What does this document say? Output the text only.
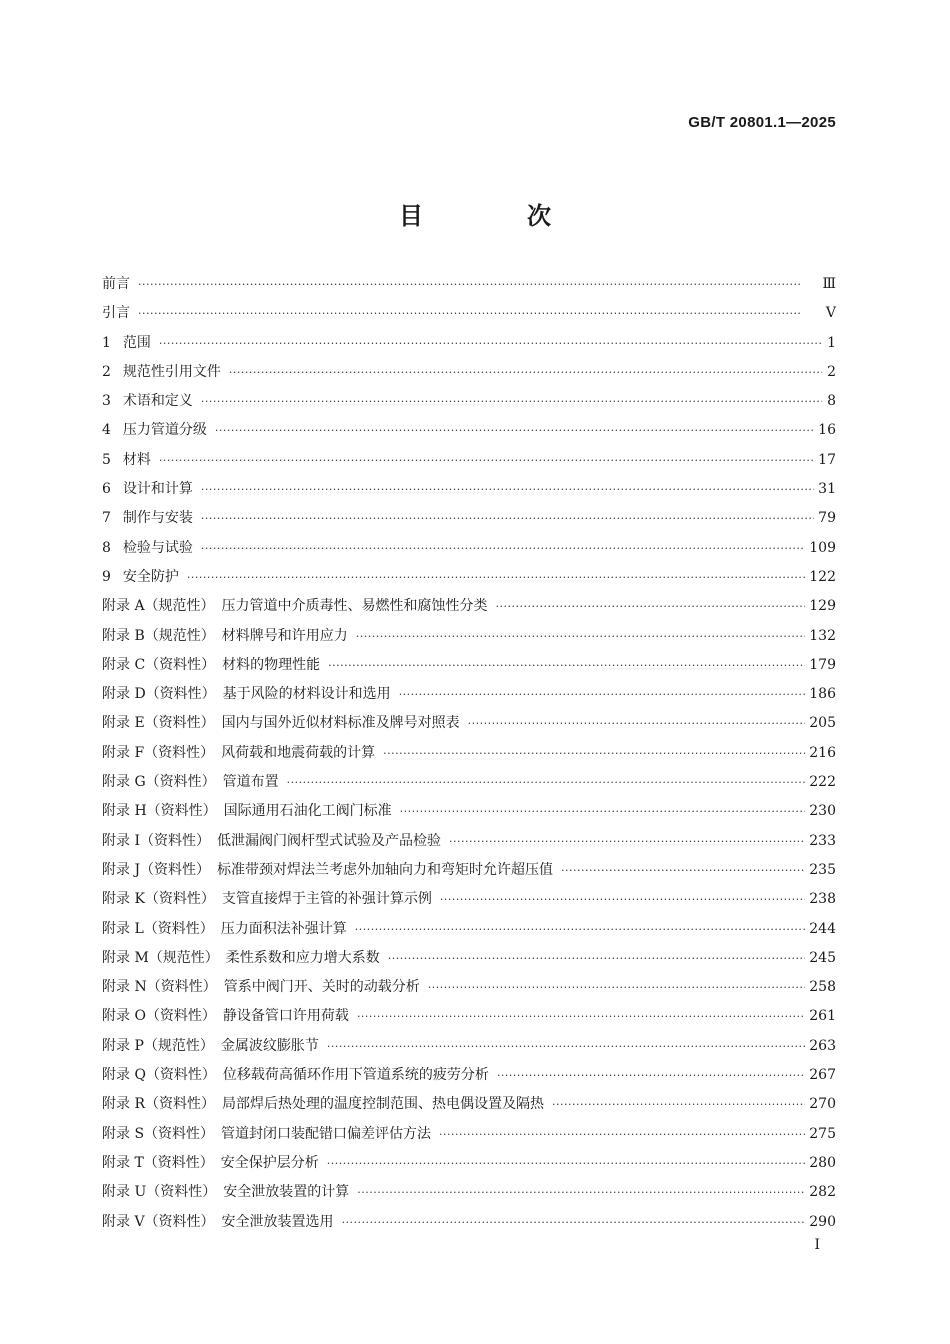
GB/T 20801.1—2025
目　次
前言 ·····	Ⅲ
引言 ·····	Ⅴ
1 范围 ·····	1
2 规范性引用文件 ·····	2
3 术语和定义 ·····	8
4 压力管道分级 ·····	16
5 材料 ·····	17
6 设计和计算 ·····	31
7 制作与安装 ·····	79
8 检验与试验 ·····	109
9 安全防护 ·····	122
附录 A（规范性）　压力管道中介质毒性、易燃性和腐蚀性分类 ·····	129
附录 B（规范性）　材料牌号和许用应力 ·····	132
附录 C（资料性）　材料的物理性能 ·····	179
附录 D（资料性）　基于风险的材料设计和选用 ·····	186
附录 E（资料性）　国内与国外近似材料标准及牌号对照表 ·····	205
附录 F（资料性）　风荷载和地震荷载的计算 ·····	216
附录 G（资料性）　管道布置 ·····	222
附录 H（资料性）　国际通用石油化工阀门标准 ·····	230
附录 I（资料性）　低泄漏阀门阀杆型式试验及产品检验 ·····	233
附录 J（资料性）　标准带颈对焊法兰考虑外加轴向力和弯矩时允许超压值 ·····	235
附录 K（资料性）　支管直接焊于主管的补强计算示例 ·····	238
附录 L（资料性）　压力面积法补强计算 ·····	244
附录 M（规范性）　柔性系数和应力增大系数 ·····	245
附录 N（资料性）　管系中阀门开、关时的动载分析 ·····	258
附录 O（资料性）　静设备管口许用荷载 ·····	261
附录 P（规范性）　金属波纹膨胀节 ·····	263
附录 Q（资料性）　位移载荷高循环作用下管道系统的疲劳分析 ·····	267
附录 R（资料性）　局部焊后热处理的温度控制范围、热电偶设置及隔热 ·····	270
附录 S（资料性）　管道封闭口装配错口偏差评估方法 ·····	275
附录 T（资料性）　安全保护层分析 ·····	280
附录 U（资料性）　安全泄放装置的计算 ·····	282
附录 V（资料性）　安全泄放装置选用 ·····	290
I
